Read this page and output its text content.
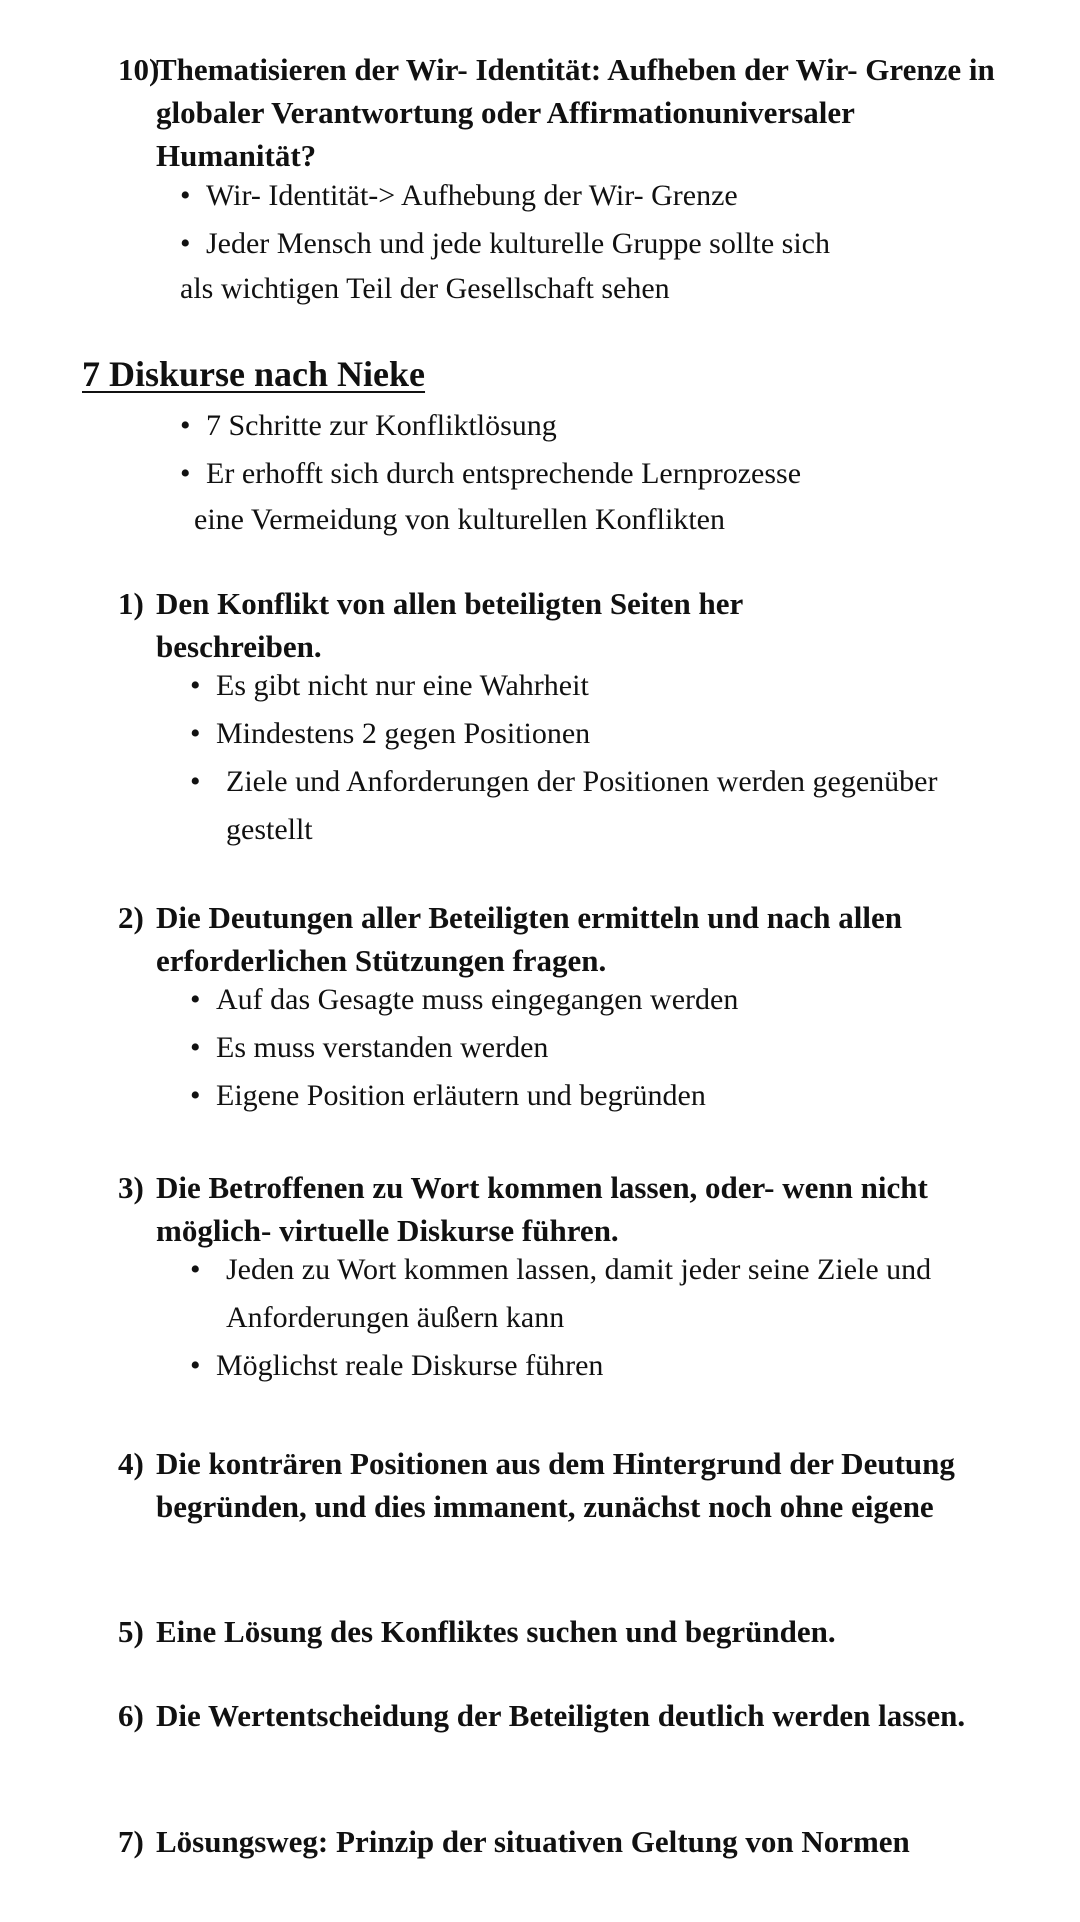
10)
Thematisieren der Wir- Identität: Aufheben der Wir- Grenze in globaler Verantwortung oder Affirmationuniversaler Humanität?
• Wir- Identität-> Aufhebung der Wir- Grenze
• Jeder Mensch und jede kulturelle Gruppe sollte sich
als wichtigen Teil der Gesellschaft sehen
7 Diskurse nach Nieke
• 7 Schritte zur Konfliktlösung
• Er erhofft sich durch entsprechende Lernprozesse
eine Vermeidung von kulturellen Konflikten
1) Den Konflikt von allen beteiligten Seiten her beschreiben.
• Es gibt nicht nur eine Wahrheit
• Mindestens 2 gegen Positionen
• Ziele und Anforderungen der Positionen werden gegenüber gestellt
2) Die Deutungen aller Beteiligten ermitteln und nach allen erforderlichen Stützungen fragen.
• Auf das Gesagte muss eingegangen werden
• Es muss verstanden werden
• Eigene Position erläutern und begründen
3) Die Betroffenen zu Wort kommen lassen, oder- wenn nicht möglich- virtuelle Diskurse führen.
• Jeden zu Wort kommen lassen, damit jeder seine Ziele und Anforderungen äußern kann
• Möglichst reale Diskurse führen
4) Die konträren Positionen aus dem Hintergrund der Deutung begründen, und dies immanent, zunächst noch ohne eigene
5) Eine Lösung des Konfliktes suchen und begründen.
6) Die Wertentscheidung der Beteiligten deutlich werden lassen.
7) Lösungsweg: Prinzip der situativen Geltung von Normen
